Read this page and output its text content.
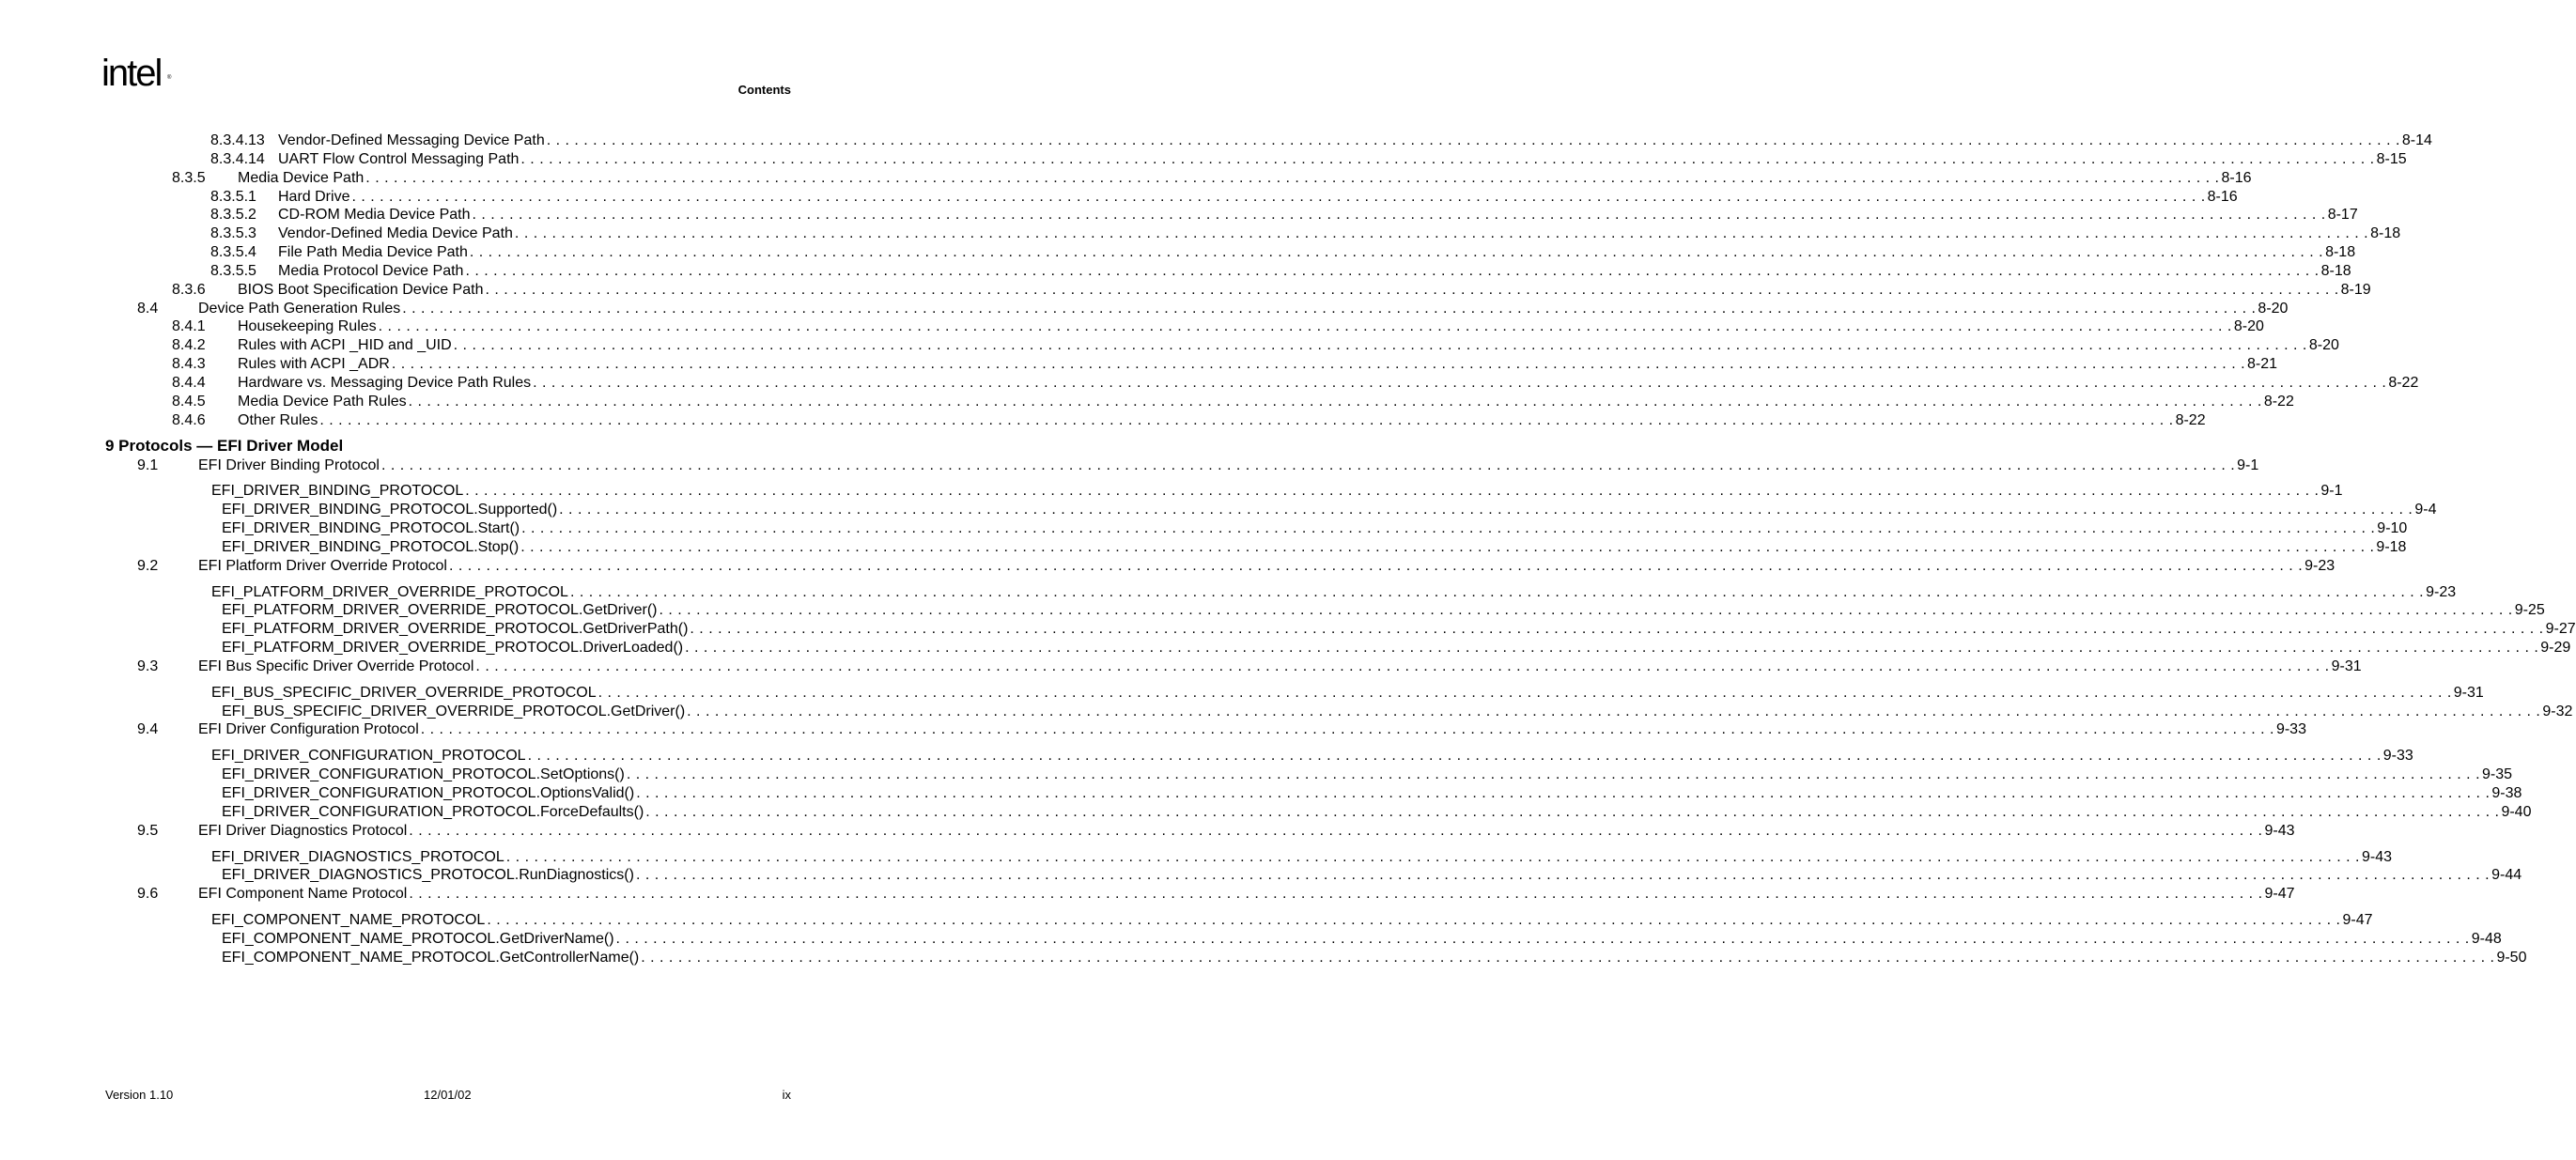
intel ®
Contents
8.3.4.13 Vendor-Defined Messaging Device Path . . . . . . . . . . . . . . . . . . . . . . . . . . . . . . . . . . . . . . . . . . . . . . . . . . . . . . . . . . . . . . . . . . . . . . . . . . . . . . . . . . . . . . . . . . . . . . . . . . . . . . . . . . . . . . . . . . . . . . . . . . . . . . . . . . . . . . . . . . . . . . . . . . . . . . . . . . . . . . . . . . . . . . . . . . . . . . . . . . . . . . . . . . . . . . . . . . . . . . . . 8-14
8.3.4.14 UART Flow Control Messaging Path . . . . . . . . . . . . . . . . . . . . . . . . . . . . . . . . . . . . . . . . . . . . . . . . . . . . . . . . . . . . . . . . . . . . . . . . . . . . . . . . . . . . . . . . . . . . . . . . . . . . . . . . . . . . . . . . . . . . . . . . . . . . . . . . . . . . . . . . . . . . . . . . . . . . . . . . . . . . . . . . . . . . . . . . . . . . . . . . . . . . . . . . . . . . . . . . . . . . . . . . 8-15
8.3.5 Media Device Path . . . . . . . . . . . . . . . . . . . . . . . . . . . . . . . . . . . . . . . . . . . . . . . . . . . . . . . . . . . . . . . . . . . . . . . . . . . . . . . . . . . . . . . . . . . . . . . . . . . . . . . . . . . . . . . . . . . . . . . . . . . . . . . . . . . . . . . . . . . . . . . . . . . . . . . . . . . . . . . . . . . . . . . . . . . . . . . . . . . . . . . . . . . . . . . . . . . . . . . . 8-16
8.3.5.1 Hard Drive . . . . . . . . . . . . . . . . . . . . . . . . . . . . . . . . . . . . . . . . . . . . . . . . . . . . . . . . . . . . . . . . . . . . . . . . . . . . . . . . . . . . . . . . . . . . . . . . . . . . . . . . . . . . . . . . . . . . . . . . . . . . . . . . . . . . . . . . . . . . . . . . . . . . . . . . . . . . . . . . . . . . . . . . . . . . . . . . . . . . . . . . . . . . . . . . . . . . . . . . 8-16
8.3.5.2 CD-ROM Media Device Path . . . . . . . . . . . . . . . . . . . . . . . . . . . . . . . . . . . . . . . . . . . . . . . . . . . . . . . . . . . . . . . . . . . . . . . . . . . . . . . . . . . . . . . . . . . . . . . . . . . . . . . . . . . . . . . . . . . . . . . . . . . . . . . . . . . . . . . . . . . . . . . . . . . . . . . . . . . . . . . . . . . . . . . . . . . . . . . . . . . . . . . . . . . . . . . . . . . . . . . . 8-17
8.3.5.3 Vendor-Defined Media Device Path . . . . . . . . . . . . . . . . . . . . . . . . . . . . . . . . . . . . . . . . . . . . . . . . . . . . . . . . . . . . . . . . . . . . . . . . . . . . . . . . . . . . . . . . . . . . . . . . . . . . . . . . . . . . . . . . . . . . . . . . . . . . . . . . . . . . . . . . . . . . . . . . . . . . . . . . . . . . . . . . . . . . . . . . . . . . . . . . . . . . . . . . . . . . . . . . . . . . . . . . 8-18
8.3.5.4 File Path Media Device Path . . . . . . . . . . . . . . . . . . . . . . . . . . . . . . . . . . . . . . . . . . . . . . . . . . . . . . . . . . . . . . . . . . . . . . . . . . . . . . . . . . . . . . . . . . . . . . . . . . . . . . . . . . . . . . . . . . . . . . . . . . . . . . . . . . . . . . . . . . . . . . . . . . . . . . . . . . . . . . . . . . . . . . . . . . . . . . . . . . . . . . . . . . . . . . . . . . . . . . . . 8-18
8.3.5.5 Media Protocol Device Path . . . . . . . . . . . . . . . . . . . . . . . . . . . . . . . . . . . . . . . . . . . . . . . . . . . . . . . . . . . . . . . . . . . . . . . . . . . . . . . . . . . . . . . . . . . . . . . . . . . . . . . . . . . . . . . . . . . . . . . . . . . . . . . . . . . . . . . . . . . . . . . . . . . . . . . . . . . . . . . . . . . . . . . . . . . . . . . . . . . . . . . . . . . . . . . . . . . . . . . . 8-18
8.3.6 BIOS Boot Specification Device Path . . . . . . . . . . . . . . . . . . . . . . . . . . . . . . . . . . . . . . . . . . . . . . . . . . . . . . . . . . . . . . . . . . . . . . . . . . . . . . . . . . . . . . . . . . . . . . . . . . . . . . . . . . . . . . . . . . . . . . . . . . . . . . . . . . . . . . . . . . . . . . . . . . . . . . . . . . . . . . . . . . . . . . . . . . . . . . . . . . . . . . . . . . . . . . . . . . . . . . . . 8-19
8.4	Device Path Generation Rules . . . . . . . . . . . . . . . . . . . . . . . . . . . . . . . . . . . . . . . . . . . . . . . . . . . . . . . . . . . . . . . . . . . . . . . . . . . . . . . . . . . . . . . . . . . . . . . . . . . . . . . . . . . . . . . . . . . . . . . . . . . . . . . . . . . . . . . . . . . . . . . . . . . . . . . . . . . . . . . . . . . . . . . . . . . . . . . . . . . . . . . . . . . . . . . . . . . . . . . . 8-20
8.4.1 Housekeeping Rules . . . . . . . . . . . . . . . . . . . . . . . . . . . . . . . . . . . . . . . . . . . . . . . . . . . . . . . . . . . . . . . . . . . . . . . . . . . . . . . . . . . . . . . . . . . . . . . . . . . . . . . . . . . . . . . . . . . . . . . . . . . . . . . . . . . . . . . . . . . . . . . . . . . . . . . . . . . . . . . . . . . . . . . . . . . . . . . . . . . . . . . . . . . . . . . . . . . . . . . . 8-20
8.4.2 Rules with ACPI _HID and _UID . . . . . . . . . . . . . . . . . . . . . . . . . . . . . . . . . . . . . . . . . . . . . . . . . . . . . . . . . . . . . . . . . . . . . . . . . . . . . . . . . . . . . . . . . . . . . . . . . . . . . . . . . . . . . . . . . . . . . . . . . . . . . . . . . . . . . . . . . . . . . . . . . . . . . . . . . . . . . . . . . . . . . . . . . . . . . . . . . . . . . . . . . . . . . . . . . . . . . . . . 8-20
8.4.3 Rules with ACPI _ADR . . . . . . . . . . . . . . . . . . . . . . . . . . . . . . . . . . . . . . . . . . . . . . . . . . . . . . . . . . . . . . . . . . . . . . . . . . . . . . . . . . . . . . . . . . . . . . . . . . . . . . . . . . . . . . . . . . . . . . . . . . . . . . . . . . . . . . . . . . . . . . . . . . . . . . . . . . . . . . . . . . . . . . . . . . . . . . . . . . . . . . . . . . . . . . . . . . . . . . . . 8-21
8.4.4 Hardware vs. Messaging Device Path Rules . . . . . . . . . . . . . . . . . . . . . . . . . . . . . . . . . . . . . . . . . . . . . . . . . . . . . . . . . . . . . . . . . . . . . . . . . . . . . . . . . . . . . . . . . . . . . . . . . . . . . . . . . . . . . . . . . . . . . . . . . . . . . . . . . . . . . . . . . . . . . . . . . . . . . . . . . . . . . . . . . . . . . . . . . . . . . . . . . . . . . . . . . . . . . . . . . . . . . . . . 8-22
8.4.5 Media Device Path Rules . . . . . . . . . . . . . . . . . . . . . . . . . . . . . . . . . . . . . . . . . . . . . . . . . . . . . . . . . . . . . . . . . . . . . . . . . . . . . . . . . . . . . . . . . . . . . . . . . . . . . . . . . . . . . . . . . . . . . . . . . . . . . . . . . . . . . . . . . . . . . . . . . . . . . . . . . . . . . . . . . . . . . . . . . . . . . . . . . . . . . . . . . . . . . . . . . . . . . . . . 8-22
8.4.6 Other Rules . . . . . . . . . . . . . . . . . . . . . . . . . . . . . . . . . . . . . . . . . . . . . . . . . . . . . . . . . . . . . . . . . . . . . . . . . . . . . . . . . . . . . . . . . . . . . . . . . . . . . . . . . . . . . . . . . . . . . . . . . . . . . . . . . . . . . . . . . . . . . . . . . . . . . . . . . . . . . . . . . . . . . . . . . . . . . . . . . . . . . . . . . . . . . . . . . . . . . . . . 8-22
9 Protocols — EFI Driver Model
9.1	EFI Driver Binding Protocol . . . . . . . . . . . . . . . . . . . . . . . . . . . . . . . . . . . . . . . . . . . . . . . . . . . . . . . . . . . . . . . . . . . . . . . . . . . . . . . . . . . . . . . . . . . . . . . . . . . . . . . . . . . . . . . . . . . . . . . . . . . . . . . . . . . . . . . . . . . . . . . . . . . . . . . . . . . . . . . . . . . . . . . . . . . . . . . . . . . . . . . . . . . . . . . . . . . . . . . . 9-1
EFI_DRIVER_BINDING_PROTOCOL . . . . . . . . . . . . . . . . . . . . . . . . . . . . . . . . . . . . . . . . . . . . . . . . . . . . . . . . . . . . . . . . . . . . . . . . . . . . . . . . . . . . . . . . . . . . . . . . . . . . . . . . . . . . . . . . . . . . . . . . . . . . . . . . . . . . . . . . . . . . . . . . . . . . . . . . . . . . . . . . . . . . . . . . . . . . . . . . . . . . . . . . . . . . . . . . . . . . . . . . 9-1
EFI_DRIVER_BINDING_PROTOCOL.Supported() . . . . . . . . . . . . . . . . . . . . . . . . . . . . . . . . . . . . . . . . . . . . . . . . . . . . . . . . . . . . . . . . . . . . . . . . . . . . . . . . . . . . . . . . . . . . . . . . . . . . . . . . . . . . . . . . . . . . . . . . . . . . . . . . . . . . . . . . . . . . . . . . . . . . . . . . . . . . . . . . . . . . . . . . . . . . . . . . . . . . . . . . . . . . . . . . . . . . . . . . 9-4
EFI_DRIVER_BINDING_PROTOCOL.Start() . . . . . . . . . . . . . . . . . . . . . . . . . . . . . . . . . . . . . . . . . . . . . . . . . . . . . . . . . . . . . . . . . . . . . . . . . . . . . . . . . . . . . . . . . . . . . . . . . . . . . . . . . . . . . . . . . . . . . . . . . . . . . . . . . . . . . . . . . . . . . . . . . . . . . . . . . . . . . . . . . . . . . . . . . . . . . . . . . . . . . . . . . . . . . . . . . . . . . . . . 9-10
EFI_DRIVER_BINDING_PROTOCOL.Stop() . . . . . . . . . . . . . . . . . . . . . . . . . . . . . . . . . . . . . . . . . . . . . . . . . . . . . . . . . . . . . . . . . . . . . . . . . . . . . . . . . . . . . . . . . . . . . . . . . . . . . . . . . . . . . . . . . . . . . . . . . . . . . . . . . . . . . . . . . . . . . . . . . . . . . . . . . . . . . . . . . . . . . . . . . . . . . . . . . . . . . . . . . . . . . . . . . . . . . . . . 9-18
9.2	EFI Platform Driver Override Protocol . . . . . . . . . . . . . . . . . . . . . . . . . . . . . . . . . . . . . . . . . . . . . . . . . . . . . . . . . . . . . . . . . . . . . . . . . . . . . . . . . . . . . . . . . . . . . . . . . . . . . . . . . . . . . . . . . . . . . . . . . . . . . . . . . . . . . . . . . . . . . . . . . . . . . . . . . . . . . . . . . . . . . . . . . . . . . . . . . . . . . . . . . . . . . . . . . . . . . . . . 9-23
EFI_PLATFORM_DRIVER_OVERRIDE_PROTOCOL . . . . . . . . . . . . . . . . . . . . . . . . . . . . . . . . . . . . . . . . . . . . . . . . . . . . . . . . . . . . . . . . . . . . . . . . . . . . . . . . . . . . . . . . . . . . . . . . . . . . . . . . . . . . . . . . . . . . . . . . . . . . . . . . . . . . . . . . . . . . . . . . . . . . . . . . . . . . . . . . . . . . . . . . . . . . . . . . . . . . . . . . . . . . . . . . . . . . . . . . 9-23
EFI_PLATFORM_DRIVER_OVERRIDE_PROTOCOL.GetDriver() . . . . . . . . . . . . . . . . . . . . . . . . . . . . . . . . . . . . . . . . . . . . . . . . . . . . . . . . . . . . . . . . . . . . . . . . . . . . . . . . . . . . . . . . . . . . . . . . . . . . . . . . . . . . . . . . . . . . . . . . . . . . . . . . . . . . . . . . . . . . . . . . . . . . . . . . . . . . . . . . . . . . . . . . . . . . . . . . . . . . . . . . . . . . . . . . . . . . . . . . 9-25
EFI_PLATFORM_DRIVER_OVERRIDE_PROTOCOL.GetDriverPath() . . . . . . . . . . . . . . . . . . . . . . . . . . . . . . . . . . . . . . . . . . . . . . . . . . . . . . . . . . . . . . . . . . . . . . . . . . . . . . . . . . . . . . . . . . . . . . . . . . . . . . . . . . . . . . . . . . . . . . . . . . . . . . . . . . . . . . . . . . . . . . . . . . . . . . . . . . . . . . . . . . . . . . . . . . . . . . . . . . . . . . . . . . . . . . . . . . . . . . . . 9-27
EFI_PLATFORM_DRIVER_OVERRIDE_PROTOCOL.DriverLoaded() . . . . . . . . . . . . . . . . . . . . . . . . . . . . . . . . . . . . . . . . . . . . . . . . . . . . . . . . . . . . . . . . . . . . . . . . . . . . . . . . . . . . . . . . . . . . . . . . . . . . . . . . . . . . . . . . . . . . . . . . . . . . . . . . . . . . . . . . . . . . . . . . . . . . . . . . . . . . . . . . . . . . . . . . . . . . . . . . . . . . . . . . . . . . . . . . . . . . . . . . 9-29
9.3	EFI Bus Specific Driver Override Protocol . . . . . . . . . . . . . . . . . . . . . . . . . . . . . . . . . . . . . . . . . . . . . . . . . . . . . . . . . . . . . . . . . . . . . . . . . . . . . . . . . . . . . . . . . . . . . . . . . . . . . . . . . . . . . . . . . . . . . . . . . . . . . . . . . . . . . . . . . . . . . . . . . . . . . . . . . . . . . . . . . . . . . . . . . . . . . . . . . . . . . . . . . . . . . . . . . . . . . . . . 9-31
EFI_BUS_SPECIFIC_DRIVER_OVERRIDE_PROTOCOL . . . . . . . . . . . . . . . . . . . . . . . . . . . . . . . . . . . . . . . . . . . . . . . . . . . . . . . . . . . . . . . . . . . . . . . . . . . . . . . . . . . . . . . . . . . . . . . . . . . . . . . . . . . . . . . . . . . . . . . . . . . . . . . . . . . . . . . . . . . . . . . . . . . . . . . . . . . . . . . . . . . . . . . . . . . . . . . . . . . . . . . . . . . . . . . . . . . . . . . . 9-31
EFI_BUS_SPECIFIC_DRIVER_OVERRIDE_PROTOCOL.GetDriver() . . . . . . . . . . . . . . . . . . . . . . . . . . . . . . . . . . . . . . . . . . . . . . . . . . . . . . . . . . . . . . . . . . . . . . . . . . . . . . . . . . . . . . . . . . . . . . . . . . . . . . . . . . . . . . . . . . . . . . . . . . . . . . . . . . . . . . . . . . . . . . . . . . . . . . . . . . . . . . . . . . . . . . . . . . . . . . . . . . . . . . . . . . . . . . . . . . . . . . . . 9-32
9.4	EFI Driver Configuration Protocol . . . . . . . . . . . . . . . . . . . . . . . . . . . . . . . . . . . . . . . . . . . . . . . . . . . . . . . . . . . . . . . . . . . . . . . . . . . . . . . . . . . . . . . . . . . . . . . . . . . . . . . . . . . . . . . . . . . . . . . . . . . . . . . . . . . . . . . . . . . . . . . . . . . . . . . . . . . . . . . . . . . . . . . . . . . . . . . . . . . . . . . . . . . . . . . . . . . . . . . . 9-33
EFI_DRIVER_CONFIGURATION_PROTOCOL . . . . . . . . . . . . . . . . . . . . . . . . . . . . . . . . . . . . . . . . . . . . . . . . . . . . . . . . . . . . . . . . . . . . . . . . . . . . . . . . . . . . . . . . . . . . . . . . . . . . . . . . . . . . . . . . . . . . . . . . . . . . . . . . . . . . . . . . . . . . . . . . . . . . . . . . . . . . . . . . . . . . . . . . . . . . . . . . . . . . . . . . . . . . . . . . . . . . . . . . 9-33
EFI_DRIVER_CONFIGURATION_PROTOCOL.SetOptions() . . . . . . . . . . . . . . . . . . . . . . . . . . . . . . . . . . . . . . . . . . . . . . . . . . . . . . . . . . . . . . . . . . . . . . . . . . . . . . . . . . . . . . . . . . . . . . . . . . . . . . . . . . . . . . . . . . . . . . . . . . . . . . . . . . . . . . . . . . . . . . . . . . . . . . . . . . . . . . . . . . . . . . . . . . . . . . . . . . . . . . . . . . . . . . . . . . . . . . . . 9-35
EFI_DRIVER_CONFIGURATION_PROTOCOL.OptionsValid() . . . . . . . . . . . . . . . . . . . . . . . . . . . . . . . . . . . . . . . . . . . . . . . . . . . . . . . . . . . . . . . . . . . . . . . . . . . . . . . . . . . . . . . . . . . . . . . . . . . . . . . . . . . . . . . . . . . . . . . . . . . . . . . . . . . . . . . . . . . . . . . . . . . . . . . . . . . . . . . . . . . . . . . . . . . . . . . . . . . . . . . . . . . . . . . . . . . . . . . . 9-38
EFI_DRIVER_CONFIGURATION_PROTOCOL.ForceDefaults() . . . . . . . . . . . . . . . . . . . . . . . . . . . . . . . . . . . . . . . . . . . . . . . . . . . . . . . . . . . . . . . . . . . . . . . . . . . . . . . . . . . . . . . . . . . . . . . . . . . . . . . . . . . . . . . . . . . . . . . . . . . . . . . . . . . . . . . . . . . . . . . . . . . . . . . . . . . . . . . . . . . . . . . . . . . . . . . . . . . . . . . . . . . . . . . . . . . . . . . . 9-40
9.5	EFI Driver Diagnostics Protocol . . . . . . . . . . . . . . . . . . . . . . . . . . . . . . . . . . . . . . . . . . . . . . . . . . . . . . . . . . . . . . . . . . . . . . . . . . . . . . . . . . . . . . . . . . . . . . . . . . . . . . . . . . . . . . . . . . . . . . . . . . . . . . . . . . . . . . . . . . . . . . . . . . . . . . . . . . . . . . . . . . . . . . . . . . . . . . . . . . . . . . . . . . . . . . . . . . . . . . . . 9-43
EFI_DRIVER_DIAGNOSTICS_PROTOCOL . . . . . . . . . . . . . . . . . . . . . . . . . . . . . . . . . . . . . . . . . . . . . . . . . . . . . . . . . . . . . . . . . . . . . . . . . . . . . . . . . . . . . . . . . . . . . . . . . . . . . . . . . . . . . . . . . . . . . . . . . . . . . . . . . . . . . . . . . . . . . . . . . . . . . . . . . . . . . . . . . . . . . . . . . . . . . . . . . . . . . . . . . . . . . . . . . . . . . . . . 9-43
EFI_DRIVER_DIAGNOSTICS_PROTOCOL.RunDiagnostics() . . . . . . . . . . . . . . . . . . . . . . . . . . . . . . . . . . . . . . . . . . . . . . . . . . . . . . . . . . . . . . . . . . . . . . . . . . . . . . . . . . . . . . . . . . . . . . . . . . . . . . . . . . . . . . . . . . . . . . . . . . . . . . . . . . . . . . . . . . . . . . . . . . . . . . . . . . . . . . . . . . . . . . . . . . . . . . . . . . . . . . . . . . . . . . . . . . . . . . . . 9-44
9.6	EFI Component Name Protocol . . . . . . . . . . . . . . . . . . . . . . . . . . . . . . . . . . . . . . . . . . . . . . . . . . . . . . . . . . . . . . . . . . . . . . . . . . . . . . . . . . . . . . . . . . . . . . . . . . . . . . . . . . . . . . . . . . . . . . . . . . . . . . . . . . . . . . . . . . . . . . . . . . . . . . . . . . . . . . . . . . . . . . . . . . . . . . . . . . . . . . . . . . . . . . . . . . . . . . . . 9-47
EFI_COMPONENT_NAME_PROTOCOL . . . . . . . . . . . . . . . . . . . . . . . . . . . . . . . . . . . . . . . . . . . . . . . . . . . . . . . . . . . . . . . . . . . . . . . . . . . . . . . . . . . . . . . . . . . . . . . . . . . . . . . . . . . . . . . . . . . . . . . . . . . . . . . . . . . . . . . . . . . . . . . . . . . . . . . . . . . . . . . . . . . . . . . . . . . . . . . . . . . . . . . . . . . . . . . . . . . . . . . . 9-47
EFI_COMPONENT_NAME_PROTOCOL.GetDriverName() . . . . . . . . . . . . . . . . . . . . . . . . . . . . . . . . . . . . . . . . . . . . . . . . . . . . . . . . . . . . . . . . . . . . . . . . . . . . . . . . . . . . . . . . . . . . . . . . . . . . . . . . . . . . . . . . . . . . . . . . . . . . . . . . . . . . . . . . . . . . . . . . . . . . . . . . . . . . . . . . . . . . . . . . . . . . . . . . . . . . . . . . . . . . . . . . . . . . . . . . 9-48
EFI_COMPONENT_NAME_PROTOCOL.GetControllerName() . . . . . . . . . . . . . . . . . . . . . . . . . . . . . . . . . . . . . . . . . . . . . . . . . . . . . . . . . . . . . . . . . . . . . . . . . . . . . . . . . . . . . . . . . . . . . . . . . . . . . . . . . . . . . . . . . . . . . . . . . . . . . . . . . . . . . . . . . . . . . . . . . . . . . . . . . . . . . . . . . . . . . . . . . . . . . . . . . . . . . . . . . . . . . . . . . . . . . . . . 9-50
Version 1.10	12/01/02	ix
